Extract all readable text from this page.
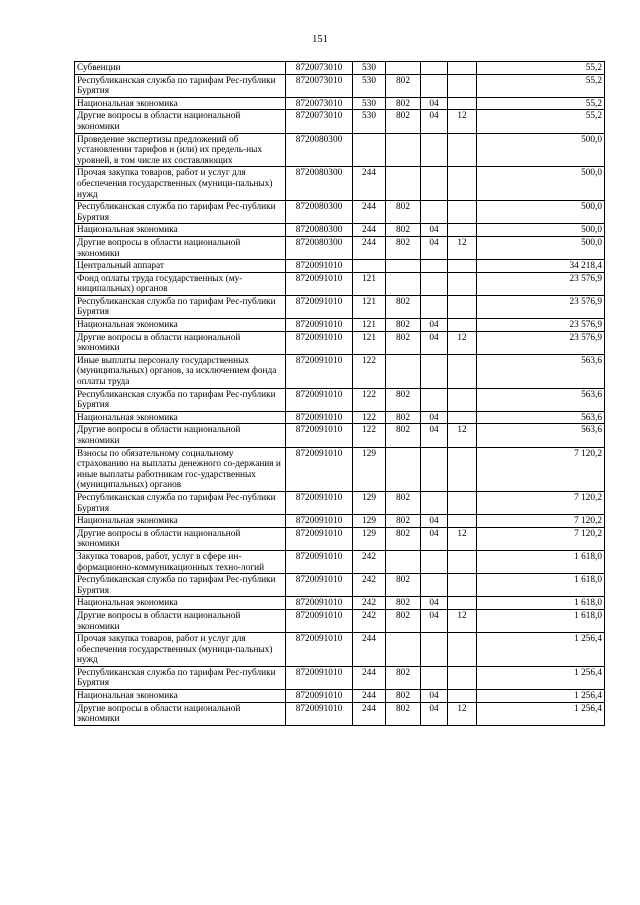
151
Субвенции	8720073010	530				55,2
Республиканская служба по тарифам Рес-публики Бурятия	8720073010	530	802			55,2
Национальная экономика	8720073010	530	802	04		55,2
Другие вопросы в области национальной экономики	8720073010	530	802	04	12	55,2
Проведение экспертизы предложений об установлении тарифов и (или) их предель-ных уровней, в том числе их составляющих	8720080300					500,0
Прочая закупка товаров, работ и услуг для обеспечения государственных (муници-пальных) нужд	8720080300	244				500,0
Республиканская служба по тарифам Рес-публики Бурятия	8720080300	244	802			500,0
Национальная экономика	8720080300	244	802	04		500,0
Другие вопросы в области национальной экономики	8720080300	244	802	04	12	500,0
Центральный аппарат	8720091010					34 218,4
Фонд оплаты труда государственных (му-ниципальных) органов	8720091010	121				23 576,9
Республиканская служба по тарифам Рес-публики Бурятия	8720091010	121	802			23 576,9
Национальная экономика	8720091010	121	802	04		23 576,9
Другие вопросы в области национальной экономики	8720091010	121	802	04	12	23 576,9
Иные выплаты персоналу государственных (муниципальных) органов, за исключением фонда оплаты труда	8720091010	122				563,6
Республиканская служба по тарифам Рес-публики Бурятия	8720091010	122	802			563,6
Национальная экономика	8720091010	122	802	04		563,6
Другие вопросы в области национальной экономики	8720091010	122	802	04	12	563,6
Взносы по обязательному социальному страхованию на выплаты денежного со-держания и иные выплаты работникам гос-ударственных (муниципальных) органов	8720091010	129				7 120,2
Республиканская служба по тарифам Рес-публики Бурятия	8720091010	129	802			7 120,2
Национальная экономика	8720091010	129	802	04		7 120,2
Другие вопросы в области национальной экономики	8720091010	129	802	04	12	7 120,2
Закупка товаров, работ, услуг в сфере ин-формационно-коммуникационных техно-логий	8720091010	242				1 618,0
Республиканская служба по тарифам Рес-публики Бурятия	8720091010	242	802			1 618,0
Национальная экономика	8720091010	242	802	04		1 618,0
Другие вопросы в области национальной экономики	8720091010	242	802	04	12	1 618,0
Прочая закупка товаров, работ и услуг для обеспечения государственных (муници-пальных) нужд	8720091010	244				1 256,4
Республиканская служба по тарифам Рес-публики Бурятия	8720091010	244	802			1 256,4
Национальная экономика	8720091010	244	802	04		1 256,4
Другие вопросы в области национальной экономики	8720091010	244	802	04	12	1 256,4
